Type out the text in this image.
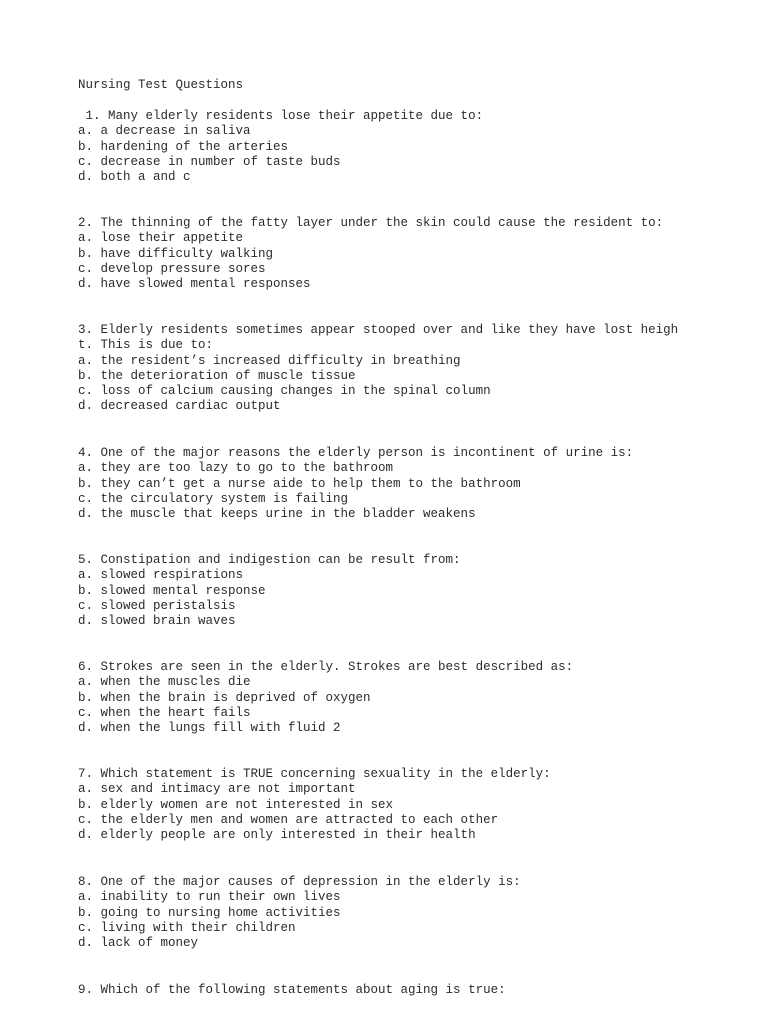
Nursing Test Questions
1. Many elderly residents lose their appetite due to:
a. a decrease in saliva
b. hardening of the arteries
c. decrease in number of taste buds
d. both a and c
2. The thinning of the fatty layer under the skin could cause the resident to:
a. lose their appetite
b. have difficulty walking
c. develop pressure sores
d. have slowed mental responses
3. Elderly residents sometimes appear stooped over and like they have lost heigh
t. This is due to:
a. the resident’s increased difficulty in breathing
b. the deterioration of muscle tissue
c. loss of calcium causing changes in the spinal column
d. decreased cardiac output
4. One of the major reasons the elderly person is incontinent of urine is:
a. they are too lazy to go to the bathroom
b. they can’t get a nurse aide to help them to the bathroom
c. the circulatory system is failing
d. the muscle that keeps urine in the bladder weakens
5. Constipation and indigestion can be result from:
a. slowed respirations
b. slowed mental response
c. slowed peristalsis
d. slowed brain waves
6. Strokes are seen in the elderly. Strokes are best described as:
a. when the muscles die
b. when the brain is deprived of oxygen
c. when the heart fails
d. when the lungs fill with fluid 2
7. Which statement is TRUE concerning sexuality in the elderly:
a. sex and intimacy are not important
b. elderly women are not interested in sex
c. the elderly men and women are attracted to each other
d. elderly people are only interested in their health
8. One of the major causes of depression in the elderly is:
a. inability to run their own lives
b. going to nursing home activities
c. living with their children
d. lack of money
9. Which of the following statements about aging is true:
